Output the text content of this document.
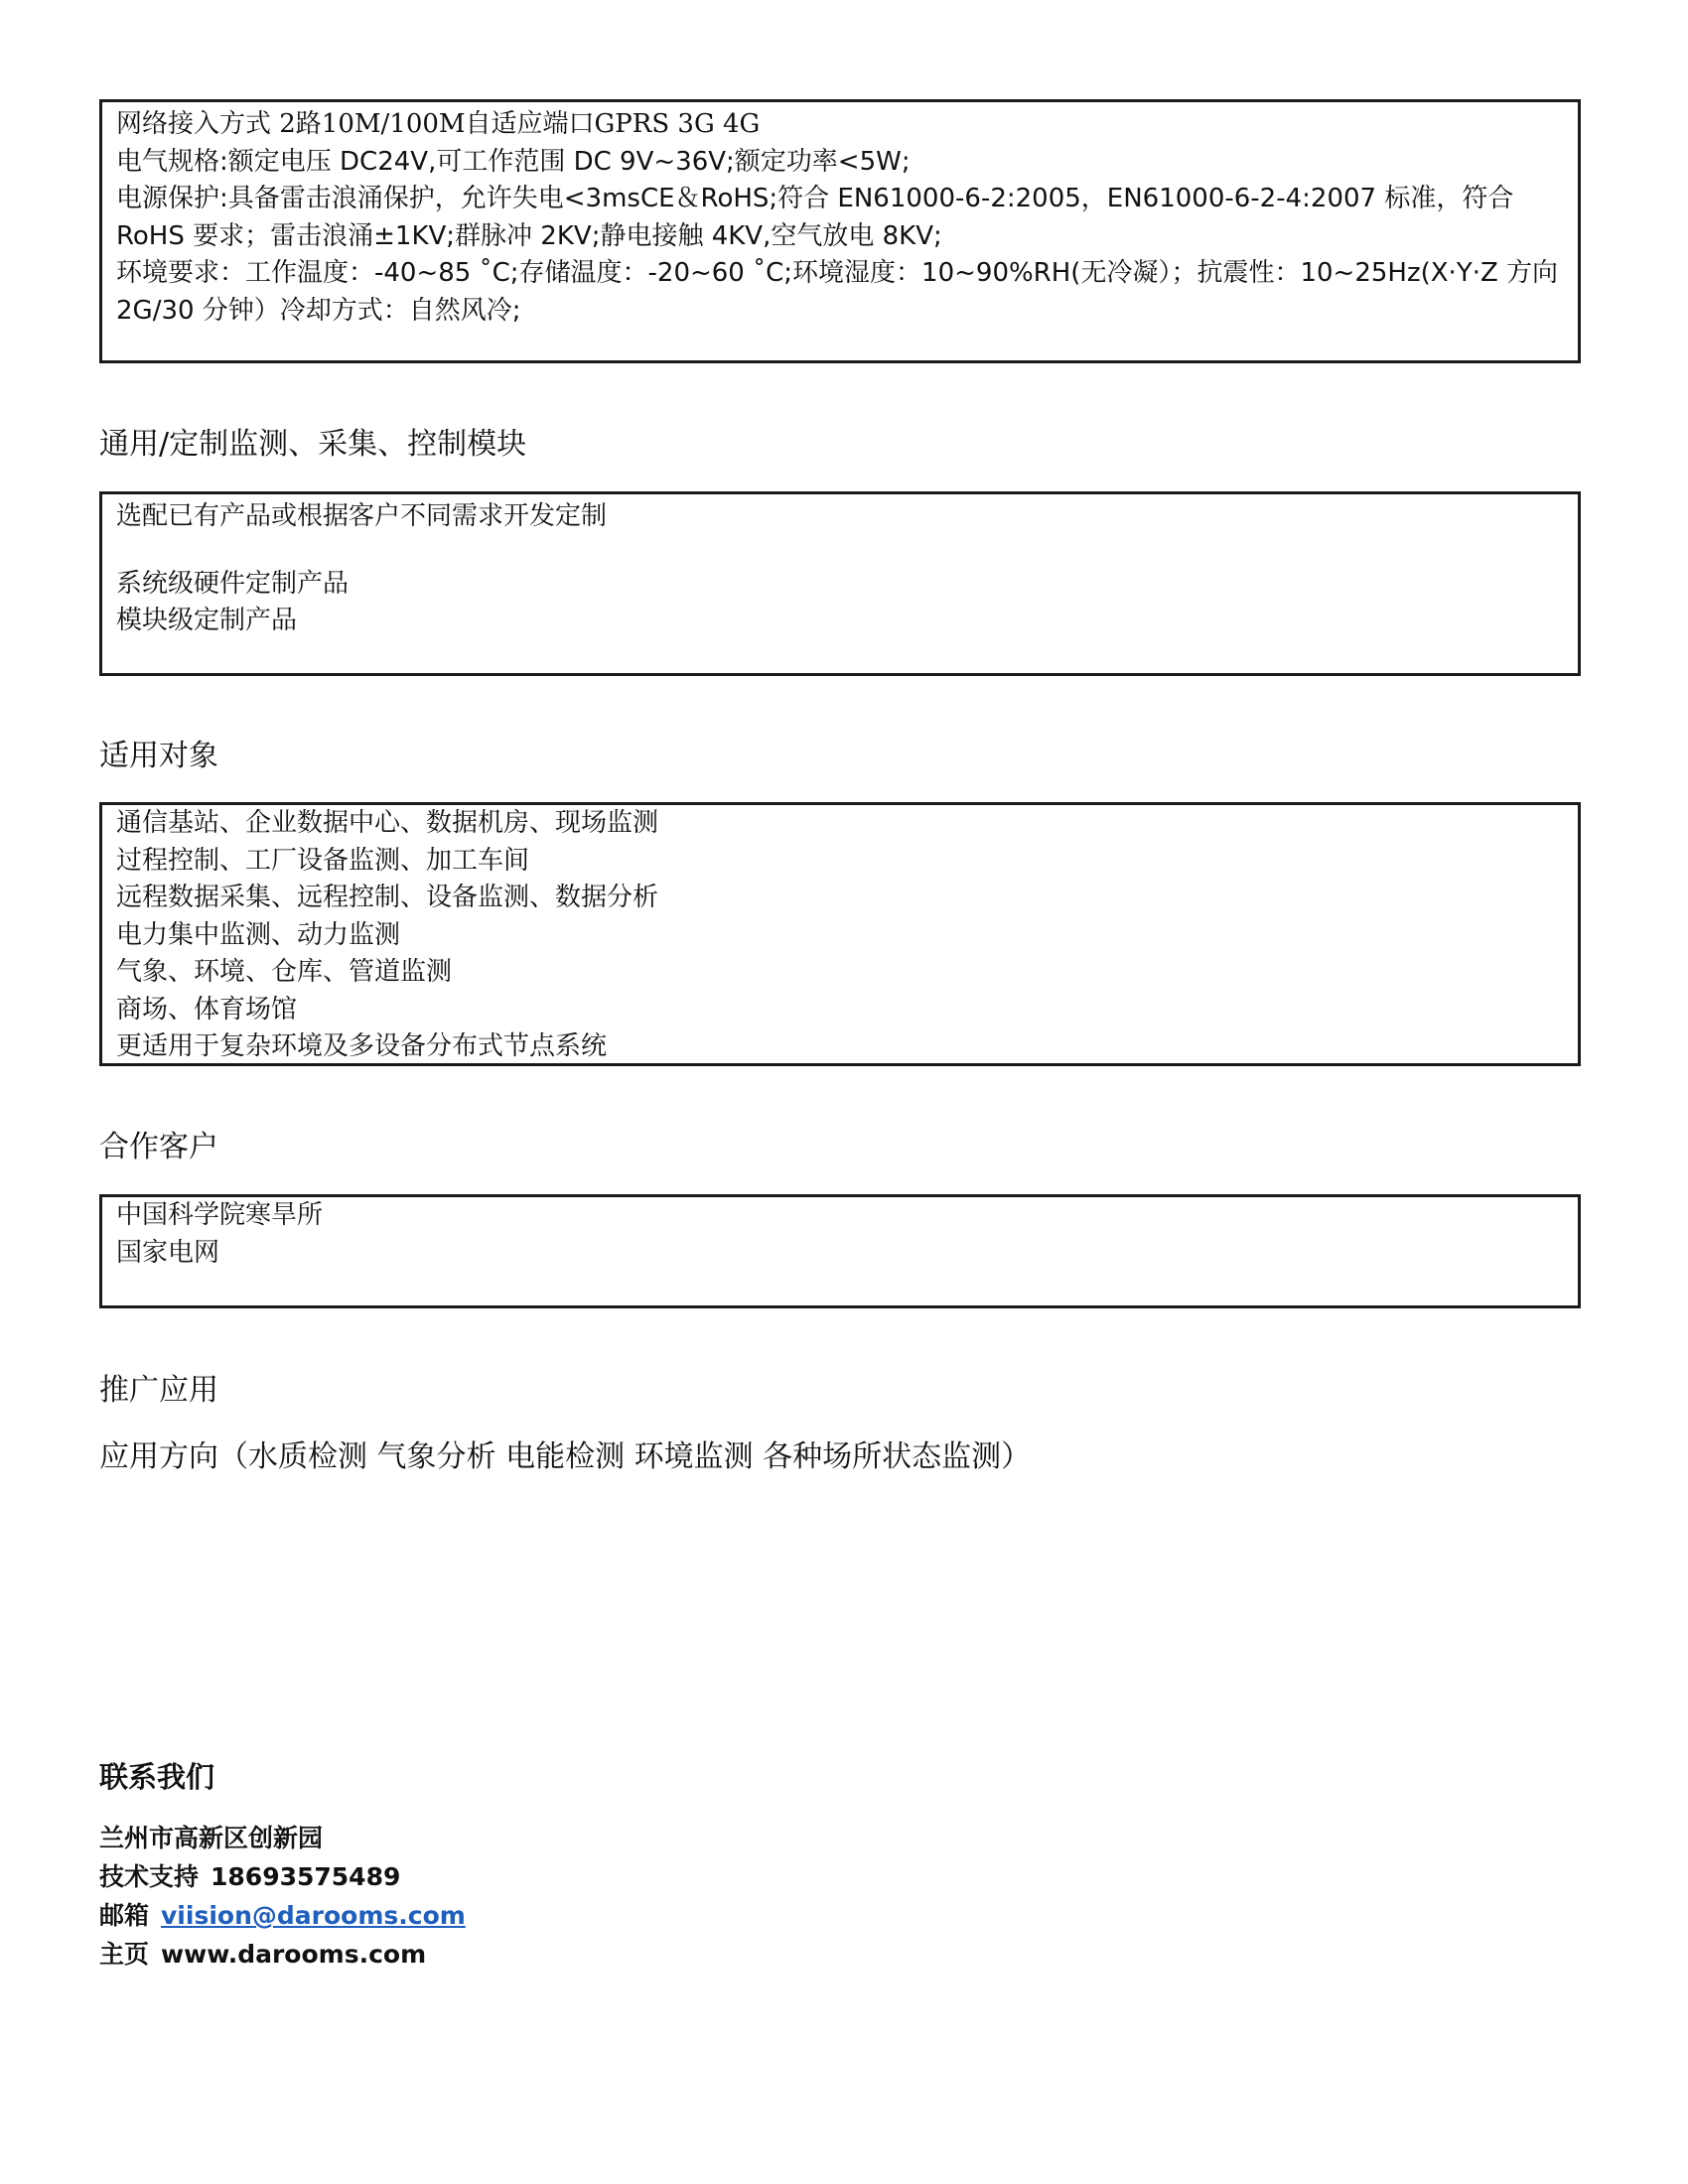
网络接入方式 2路10M/100M自适应端口GPRS 3G 4G
电气规格:额定电压 DC24V,可工作范围 DC 9V~36V;额定功率<5W;
电源保护:具备雷击浪涌保护，允许失电<3msCE＆RoHS;符合 EN61000-6-2:2005，EN61000-6-2-4:2007 标准，符合 RoHS 要求；雷击浪涌±1KV;群脉冲 2KV;静电接触 4KV,空气放电 8KV;
环境要求：工作温度：-40~85 ˚C;存储温度：-20~60 ˚C;环境湿度：10~90%RH(无冷凝）；抗震性：10~25Hz(X·Y·Z 方向 2G/30 分钟）冷却方式：自然风冷;
通用/定制监测、采集、控制模块
选配已有产品或根据客户不同需求开发定制
系统级硬件定制产品
模块级定制产品
适用对象
通信基站、企业数据中心、数据机房、现场监测
过程控制、工厂设备监测、加工车间
远程数据采集、远程控制、设备监测、数据分析
电力集中监测、动力监测
气象、环境、仓库、管道监测
商场、体育场馆
更适用于复杂环境及多设备分布式节点系统
合作客户
中国科学院寒旱所
国家电网
推广应用
应用方向（水质检测 气象分析 电能检测 环境监测 各种场所状态监测）
联系我们
兰州市高新区创新园
技术支持 18693575489
邮箱 viision@darooms.com
主页 www.darooms.com
